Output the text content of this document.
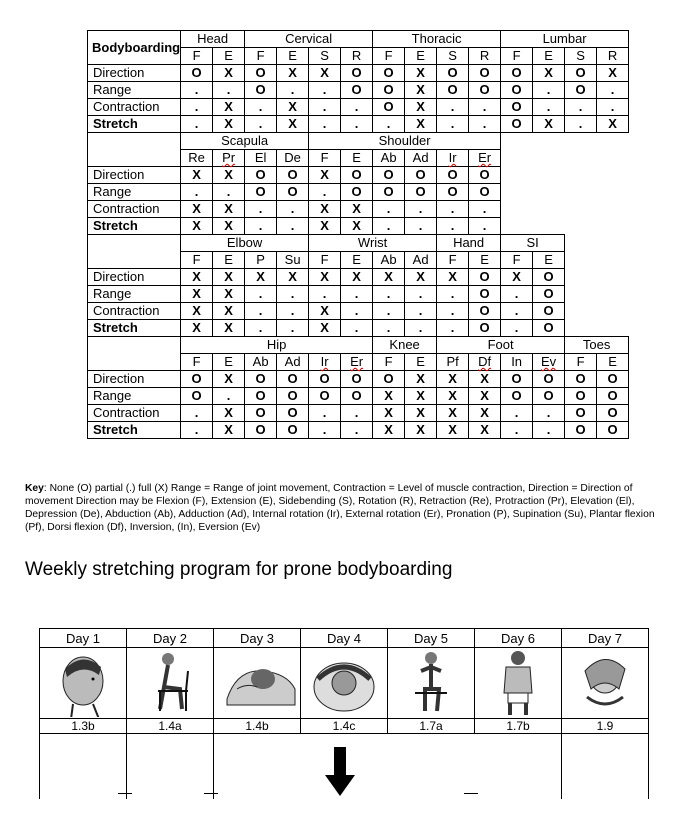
Bodyboarding	Head		Cervical				Thoracic				Lumbar			
	F	E	F	E	S	R	F	E	S	R	F	E	S	R
Direction	O	X	O	X	X	O	O	X	O	O	O	X	O	X
Range	.	.	O	.	.	O	O	X	O	O	O	.	O	.
Contraction	.	X	.	X	.	.	O	X	.	.	O	.	.	.
Stretch	.	X	.	X	.	.	.	X	.	.	O	X	.	X
	Scapula				Shoulder									
	Re	Pr	El	De	F	E	Ab	Ad	Ir	Er				
Direction	X	X	O	O	X	O	O	O	O	O				
Range	.	.	O	O	.	O	O	O	O	O				
Contraction	X	X	.	.	X	X	.	.	.	.				
Stretch	X	X	.	.	X	X	.	.	.	.				
	Elbow				Wrist				Hand		SI			
	F	E	P	Su	F	E	Ab	Ad	F	E	F	E		
Direction	X	X	X	X	X	X	X	X	X	O	X	O		
Range	X	X	.	.	.	.	.	.	.	O	.	O		
Contraction	X	X	.	.	X	.	.	.	.	O	.	O		
Stretch	X	X	.	.	X	.	.	.	.	O	.	O		
	Hip						Knee		Foot				Toes	
	F	E	Ab	Ad	Ir	Er	F	E	Pf	Df	In	Ev	F	E
Direction	O	X	O	O	O	O	O	X	X	X	O	O	O	O
Range	O	.	O	O	O	O	X	X	X	X	O	O	O	O
Contraction	.	X	O	O	.	.	X	X	X	X	.	.	O	O
Stretch	.	X	O	O	.	.	X	X	X	X	.	.	O	O
Key: None (O) partial (.) full (X) Range = Range of joint movement, Contraction = Level of muscle contraction, Direction = Direction of movement Direction may be Flexion (F), Extension (E), Sidebending (S), Rotation (R), Retraction (Re), Protraction (Pr), Elevation (El), Depression (De), Abduction (Ab), Adduction (Ad), Internal rotation (Ir), External rotation (Er), Pronation (P), Supination (Su), Plantar flexion (Pf), Dorsi flexion (Df), Inversion, (In), Eversion (Ev)
Weekly stretching program for prone bodyboarding
Day 1	Day 2	Day 3	Day 4	Day 5	Day 6	Day 7

1.3b	1.4a	1.4b	1.4c	1.7a	1.7b	1.9
